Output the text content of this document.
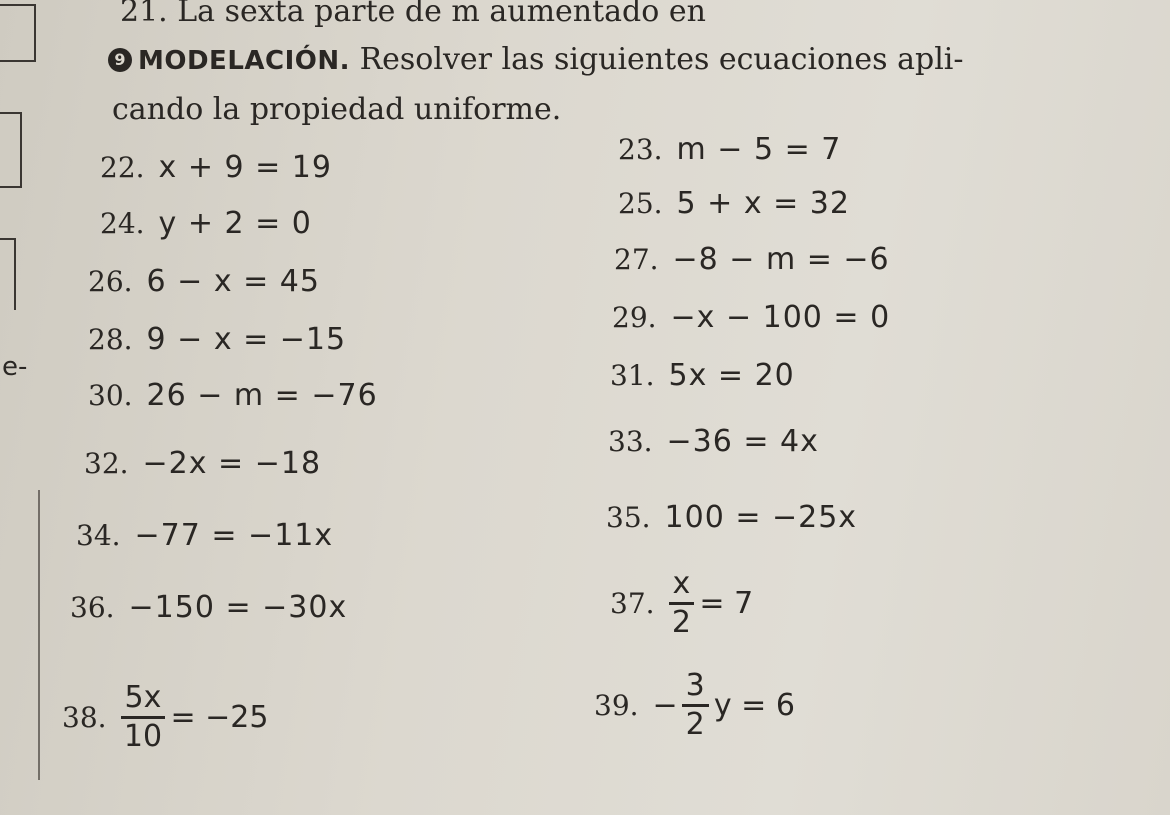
e-
21. La sexta parte de m aumentado en
9 MODELACIÓN. Resolver las siguientes ecuaciones apli-
cando la propiedad uniforme.
22. x + 9 = 19
23. m − 5 = 7
24. y + 2 = 0
25. 5 + x = 32
26. 6 − x = 45
27. −8 − m = −6
28. 9 − x = −15
29. −x − 100 = 0
30. 26 − m = −76
31. 5x = 20
32. −2x = −18
33. −36 = 4x
34. −77 = −11x
35. 100 = −25x
36. −150 = −30x	37. $\frac{x}{2} = 7$
38. $\frac{5x}{10} = -25$	39. − $\frac{3}{2}$ y = 6
